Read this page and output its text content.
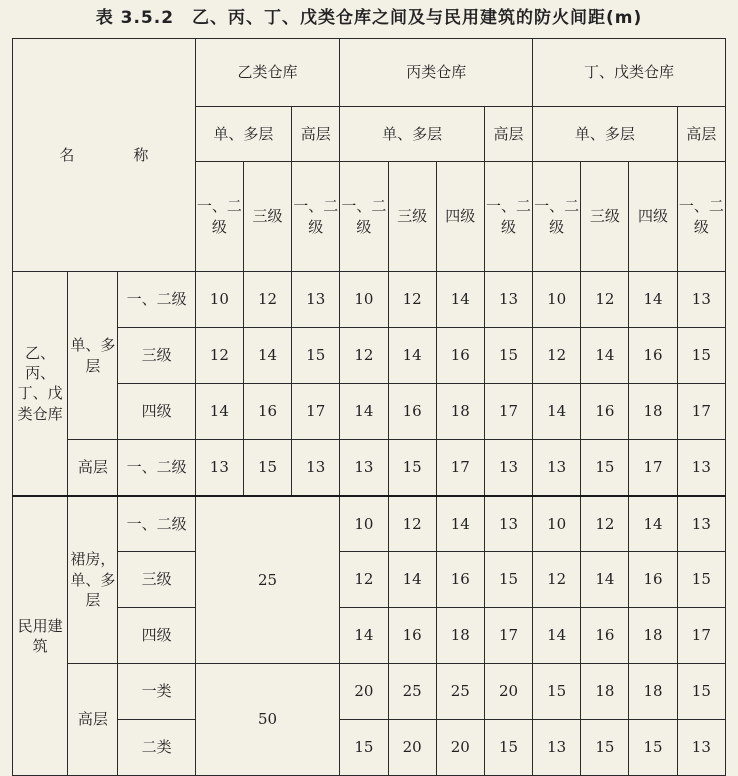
表 3.5.2　乙、丙、丁、戊类仓库之间及与民用建筑的防火间距(m)
名　称			乙类仓库			丙类仓库				丁、戊类仓库			
			单、多层		高层	单、多层			高层	单、多层			高层
			一、二级	三级	一、二级	一、二级	三级	四级	一、二级	一、二级	三级	四级	一、二级
乙、丙、丁、戊类仓库	单、多层	一、二级	10	12	13	10	12	14	13	10	12	14	13
		三级	12	14	15	12	14	16	15	12	14	16	15
		四级	14	16	17	14	16	18	17	14	16	18	17
	高层	一、二级	13	15	13	13	15	17	13	13	15	17	13
民用建筑	裙房，单、多层	一、二级	25			10	12	14	13	10	12	14	13
		三级				12	14	16	15	12	14	16	15
		四级				14	16	18	17	14	16	18	17
	高层	一类	50			20	25	25	20	15	18	18	15
		二类				15	20	20	15	13	15	15	13
